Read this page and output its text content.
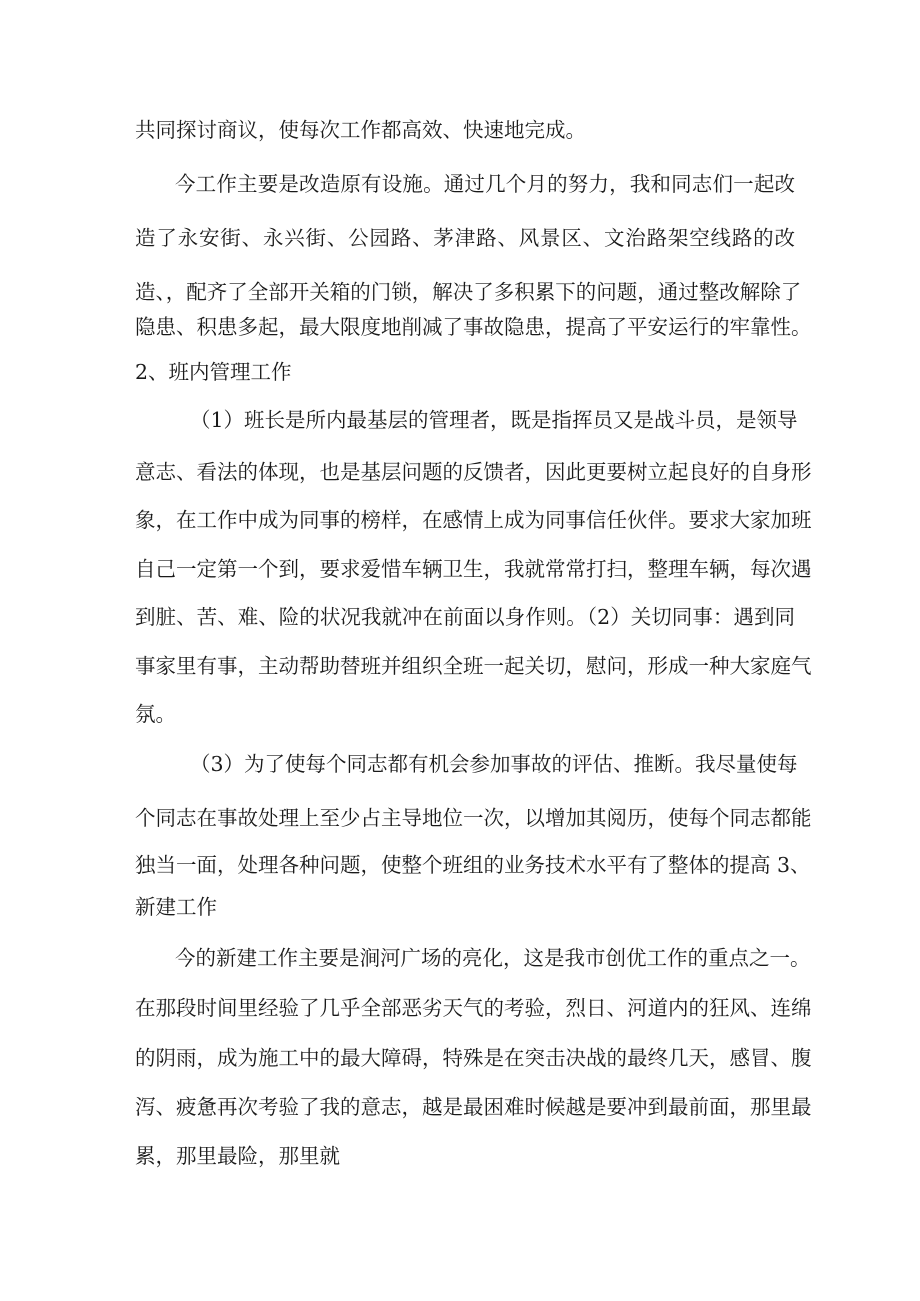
共同探讨商议，使每次工作都高效、快速地完成。
今工作主要是改造原有设施。通过几个月的努力，我和同志们一起改
造了永安街、永兴街、公园路、茅津路、风景区、文治路架空线路的改
造、，配齐了全部开关箱的门锁，解决了多积累下的问题，通过整改解除了
隐患、积患多起，最大限度地削减了事故隐患，提高了平安运行的牢靠性。
2、班内管理工作
（1）班长是所内最基层的管理者，既是指挥员又是战斗员，是领导
意志、看法的体现，也是基层问题的反馈者，因此更要树立起良好的自身形
象，在工作中成为同事的榜样，在感情上成为同事信任伙伴。要求大家加班
自己一定第一个到，要求爱惜车辆卫生，我就常常打扫，整理车辆，每次遇
到脏、苦、难、险的状况我就冲在前面以身作则。（2）关切同事：遇到同
事家里有事，主动帮助替班并组织全班一起关切，慰问，形成一种大家庭气
氛。
（3）为了使每个同志都有机会参加事故的评估、推断。我尽量使每
个同志在事故处理上至少占主导地位一次，以增加其阅历，使每个同志都能
独当一面，处理各种问题，使整个班组的业务技术水平有了整体的提高 3、
新建工作
今的新建工作主要是涧河广场的亮化，这是我市创优工作的重点之一。
在那段时间里经验了几乎全部恶劣天气的考验，烈日、河道内的狂风、连绵
的阴雨，成为施工中的最大障碍，特殊是在突击决战的最终几天，感冒、腹
泻、疲惫再次考验了我的意志，越是最困难时候越是要冲到最前面，那里最
累，那里最险，那里就
